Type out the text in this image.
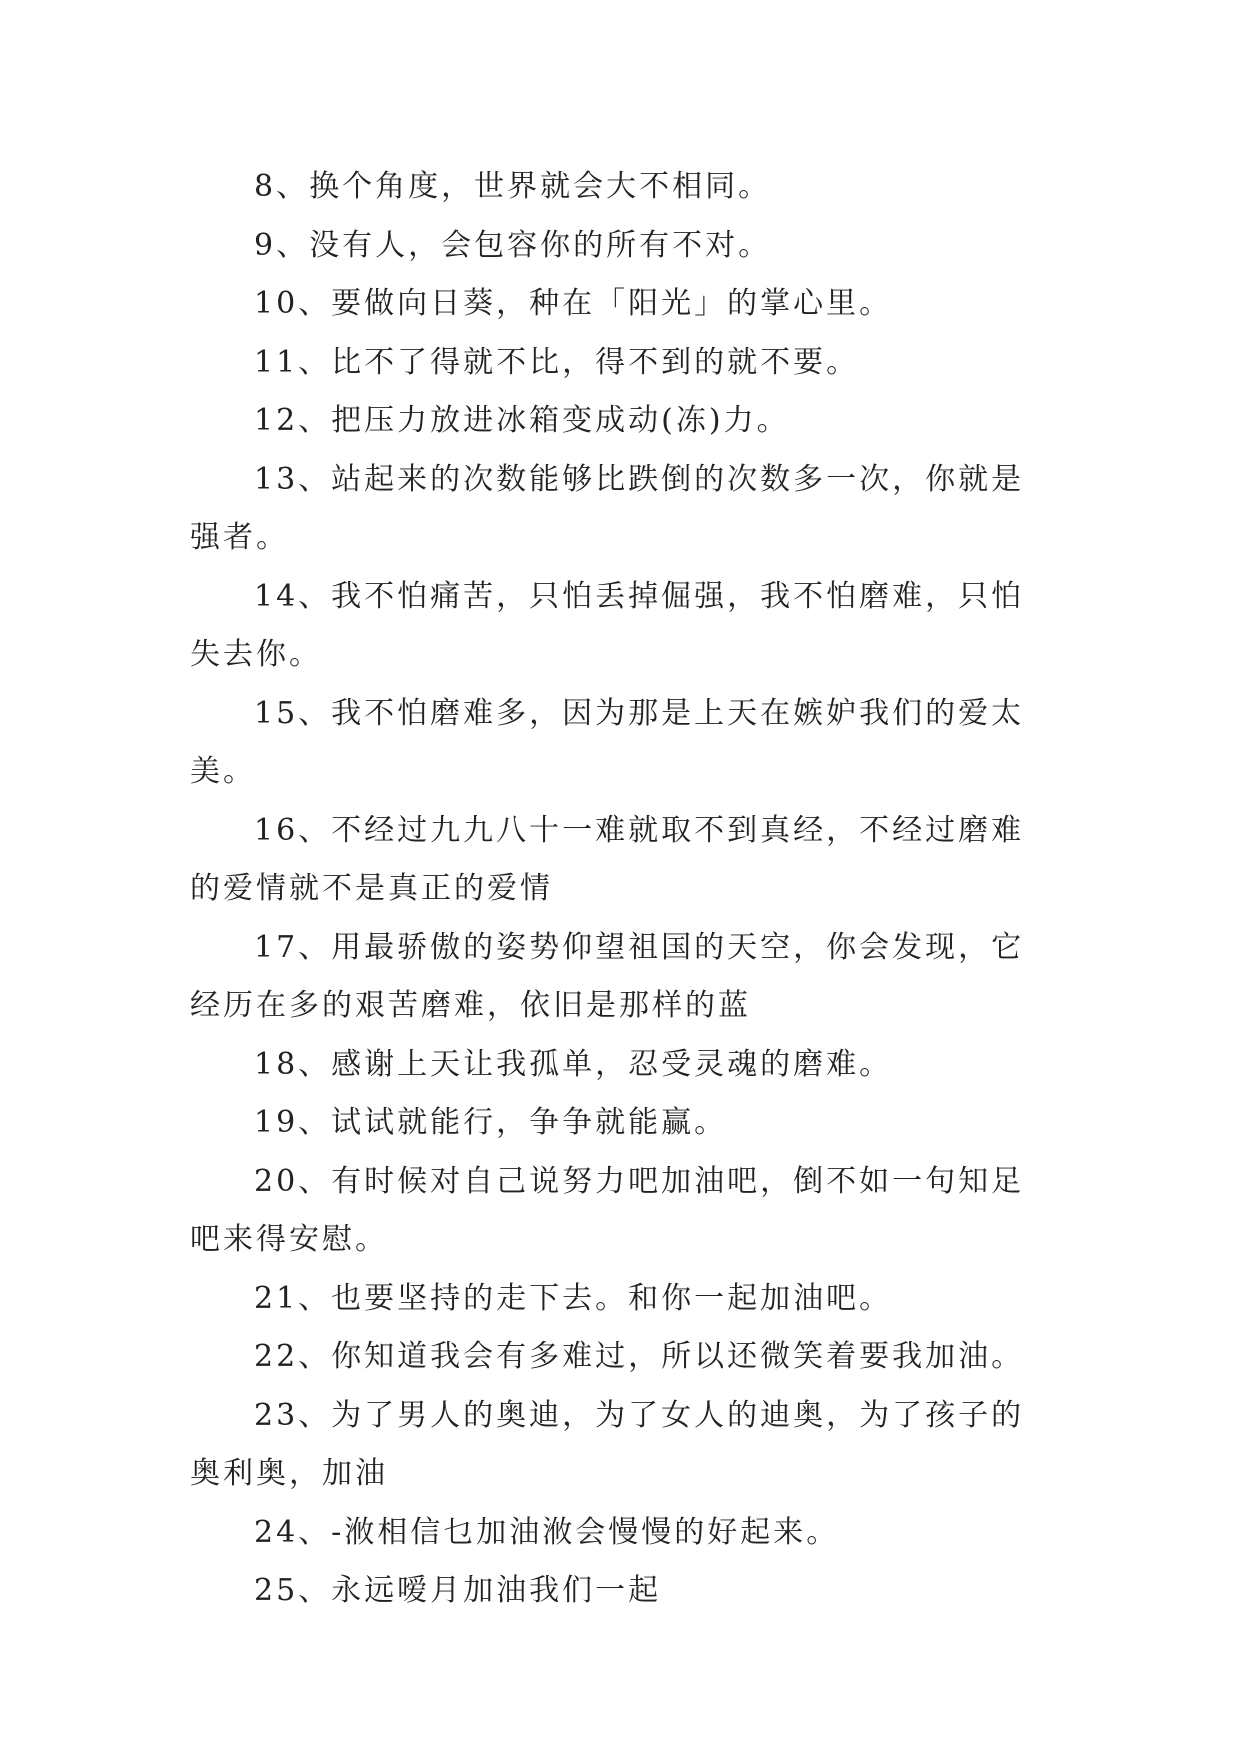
8、换个角度，世界就会大不相同。

9、没有人，会包容你的所有不对。

10、要做向日葵，种在「阳光」的掌心里。

11、比不了得就不比，得不到的就不要。

12、把压力放进冰箱变成动(冻)力。

13、站起来的次数能够比跌倒的次数多一次，你就是强者。

14、我不怕痛苦，只怕丢掉倔强，我不怕磨难，只怕失去你。

15、我不怕磨难多，因为那是上天在嫉妒我们的爱太美。

16、不经过九九八十一难就取不到真经，不经过磨难的爱情就不是真正的爱情

17、用最骄傲的姿势仰望祖国的天空，你会发现，它经历在多的艰苦磨难，依旧是那样的蓝

18、感谢上天让我孤单，忍受灵魂的磨难。

19、试试就能行，争争就能赢。

20、有时候对自己说努力吧加油吧，倒不如一句知足吧来得安慰。

21、也要坚持的走下去。和你一起加油吧。

22、你知道我会有多难过，所以还微笑着要我加油。

23、为了男人的奥迪，为了女人的迪奥，为了孩子的奥利奥，加油

24、-浟相信乜加油浟会慢慢的好起来。

25、永远嗳月加油我们一起
